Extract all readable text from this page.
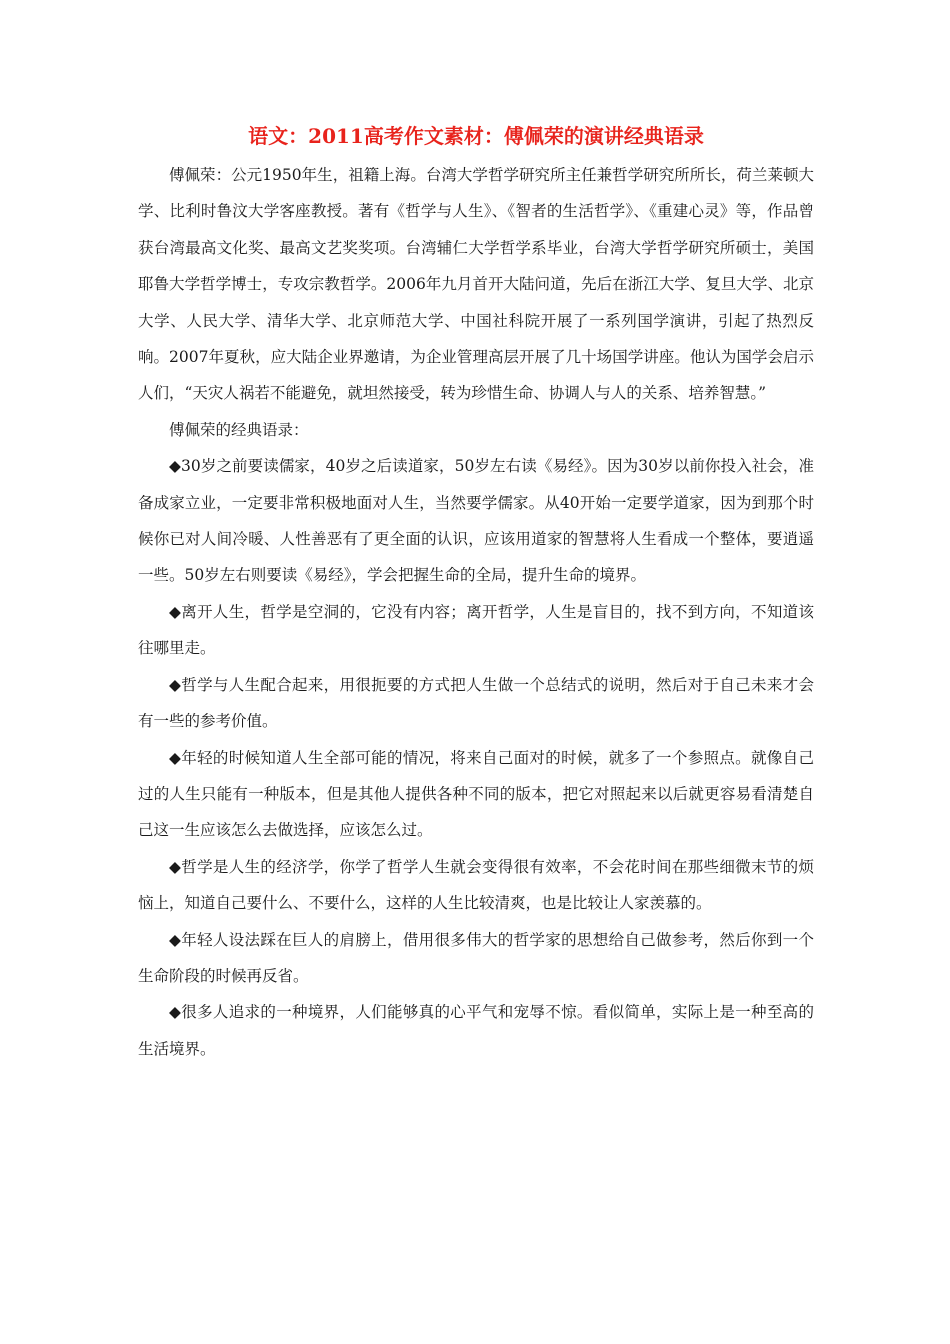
语文：2011高考作文素材：傅佩荣的演讲经典语录

傅佩荣：公元1950年生，祖籍上海。台湾大学哲学研究所主任兼哲学研究所所长，荷兰莱顿大学、比利时鲁汶大学客座教授。著有《哲学与人生》、《智者的生活哲学》、《重建心灵》等，作品曾获台湾最高文化奖、最高文艺奖奖项。台湾辅仁大学哲学系毕业，台湾大学哲学研究所硕士，美国耶鲁大学哲学博士，专攻宗教哲学。2006年九月首开大陆问道，先后在浙江大学、复旦大学、北京大学、人民大学、清华大学、北京师范大学、中国社科院开展了一系列国学演讲，引起了热烈反响。2007年夏秋，应大陆企业界邀请，为企业管理高层开展了几十场国学讲座。他认为国学会启示人们，“天灾人祸若不能避免，就坦然接受，转为珍惜生命、协调人与人的关系、培养智慧。”

傅佩荣的经典语录：

◆30岁之前要读儒家，40岁之后读道家，50岁左右读《易经》。因为30岁以前你投入社会，准备成家立业，一定要非常积极地面对人生，当然要学儒家。从40开始一定要学道家，因为到那个时候你已对人间冷暖、人性善恶有了更全面的认识，应该用道家的智慧将人生看成一个整体，要逍遥一些。50岁左右则要读《易经》，学会把握生命的全局，提升生命的境界。

◆离开人生，哲学是空洞的，它没有内容；离开哲学，人生是盲目的，找不到方向，不知道该往哪里走。

◆哲学与人生配合起来，用很扼要的方式把人生做一个总结式的说明，然后对于自己未来才会有一些的参考价值。

◆年轻的时候知道人生全部可能的情况，将来自己面对的时候，就多了一个参照点。就像自己过的人生只能有一种版本，但是其他人提供各种不同的版本，把它对照起来以后就更容易看清楚自己这一生应该怎么去做选择，应该怎么过。

◆哲学是人生的经济学，你学了哲学人生就会变得很有效率，不会花时间在那些细微末节的烦恼上，知道自己要什么、不要什么，这样的人生比较清爽，也是比较让人家羡慕的。

◆年轻人设法踩在巨人的肩膀上，借用很多伟大的哲学家的思想给自己做参考，然后你到一个生命阶段的时候再反省。

◆很多人追求的一种境界，人们能够真的心平气和宠辱不惊。看似简单，实际上是一种至高的生活境界。
